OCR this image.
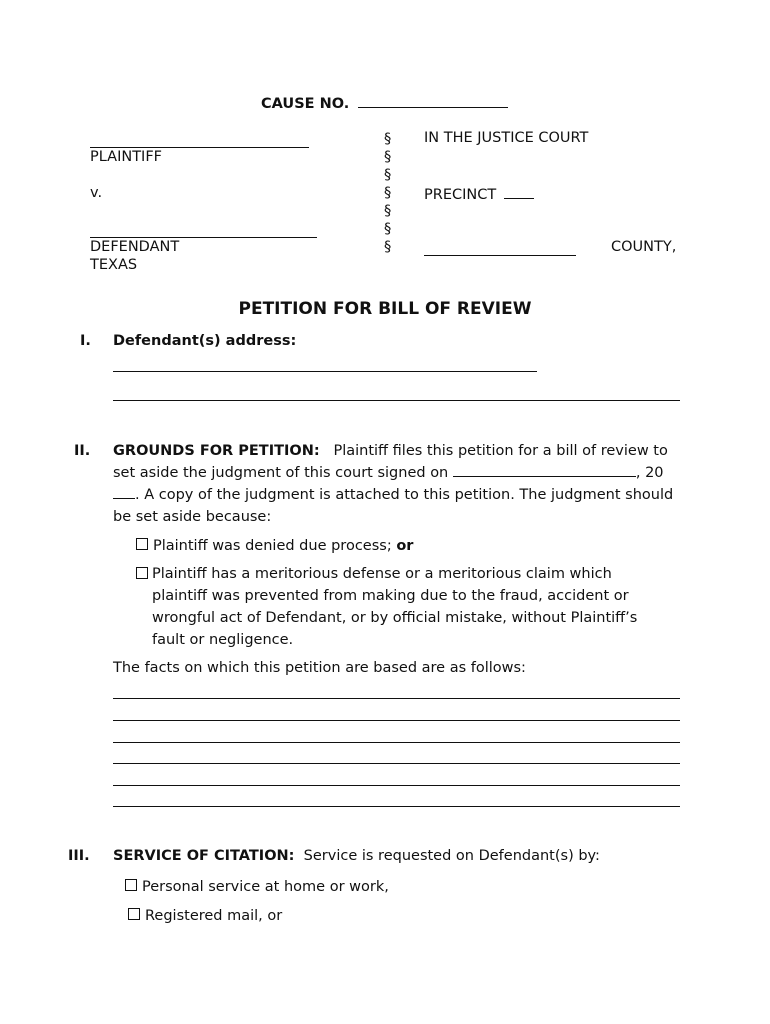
CAUSE NO.
PLAINTIFF
v.
DEFENDANT
TEXAS
§
§
§
§
§
§
§
IN THE JUSTICE COURT
PRECINCT
COUNTY,
PETITION FOR BILL OF REVIEW
I. Defendant(s) address:
II. GROUNDS FOR PETITION: Plaintiff files this petition for a bill of review to set aside the judgment of this court signed on	, 20. A copy of the judgment is attached to this petition. The judgment should be set aside because:
Plaintiff was denied due process; or
Plaintiff has a meritorious defense or a meritorious claim which plaintiff was prevented from making due to the fraud, accident or wrongful act of Defendant, or by official mistake, without Plaintiff’s fault or negligence.
The facts on which this petition are based are as follows:
III. SERVICE OF CITATION: Service is requested on Defendant(s) by:
Personal service at home or work,
Registered mail, or
